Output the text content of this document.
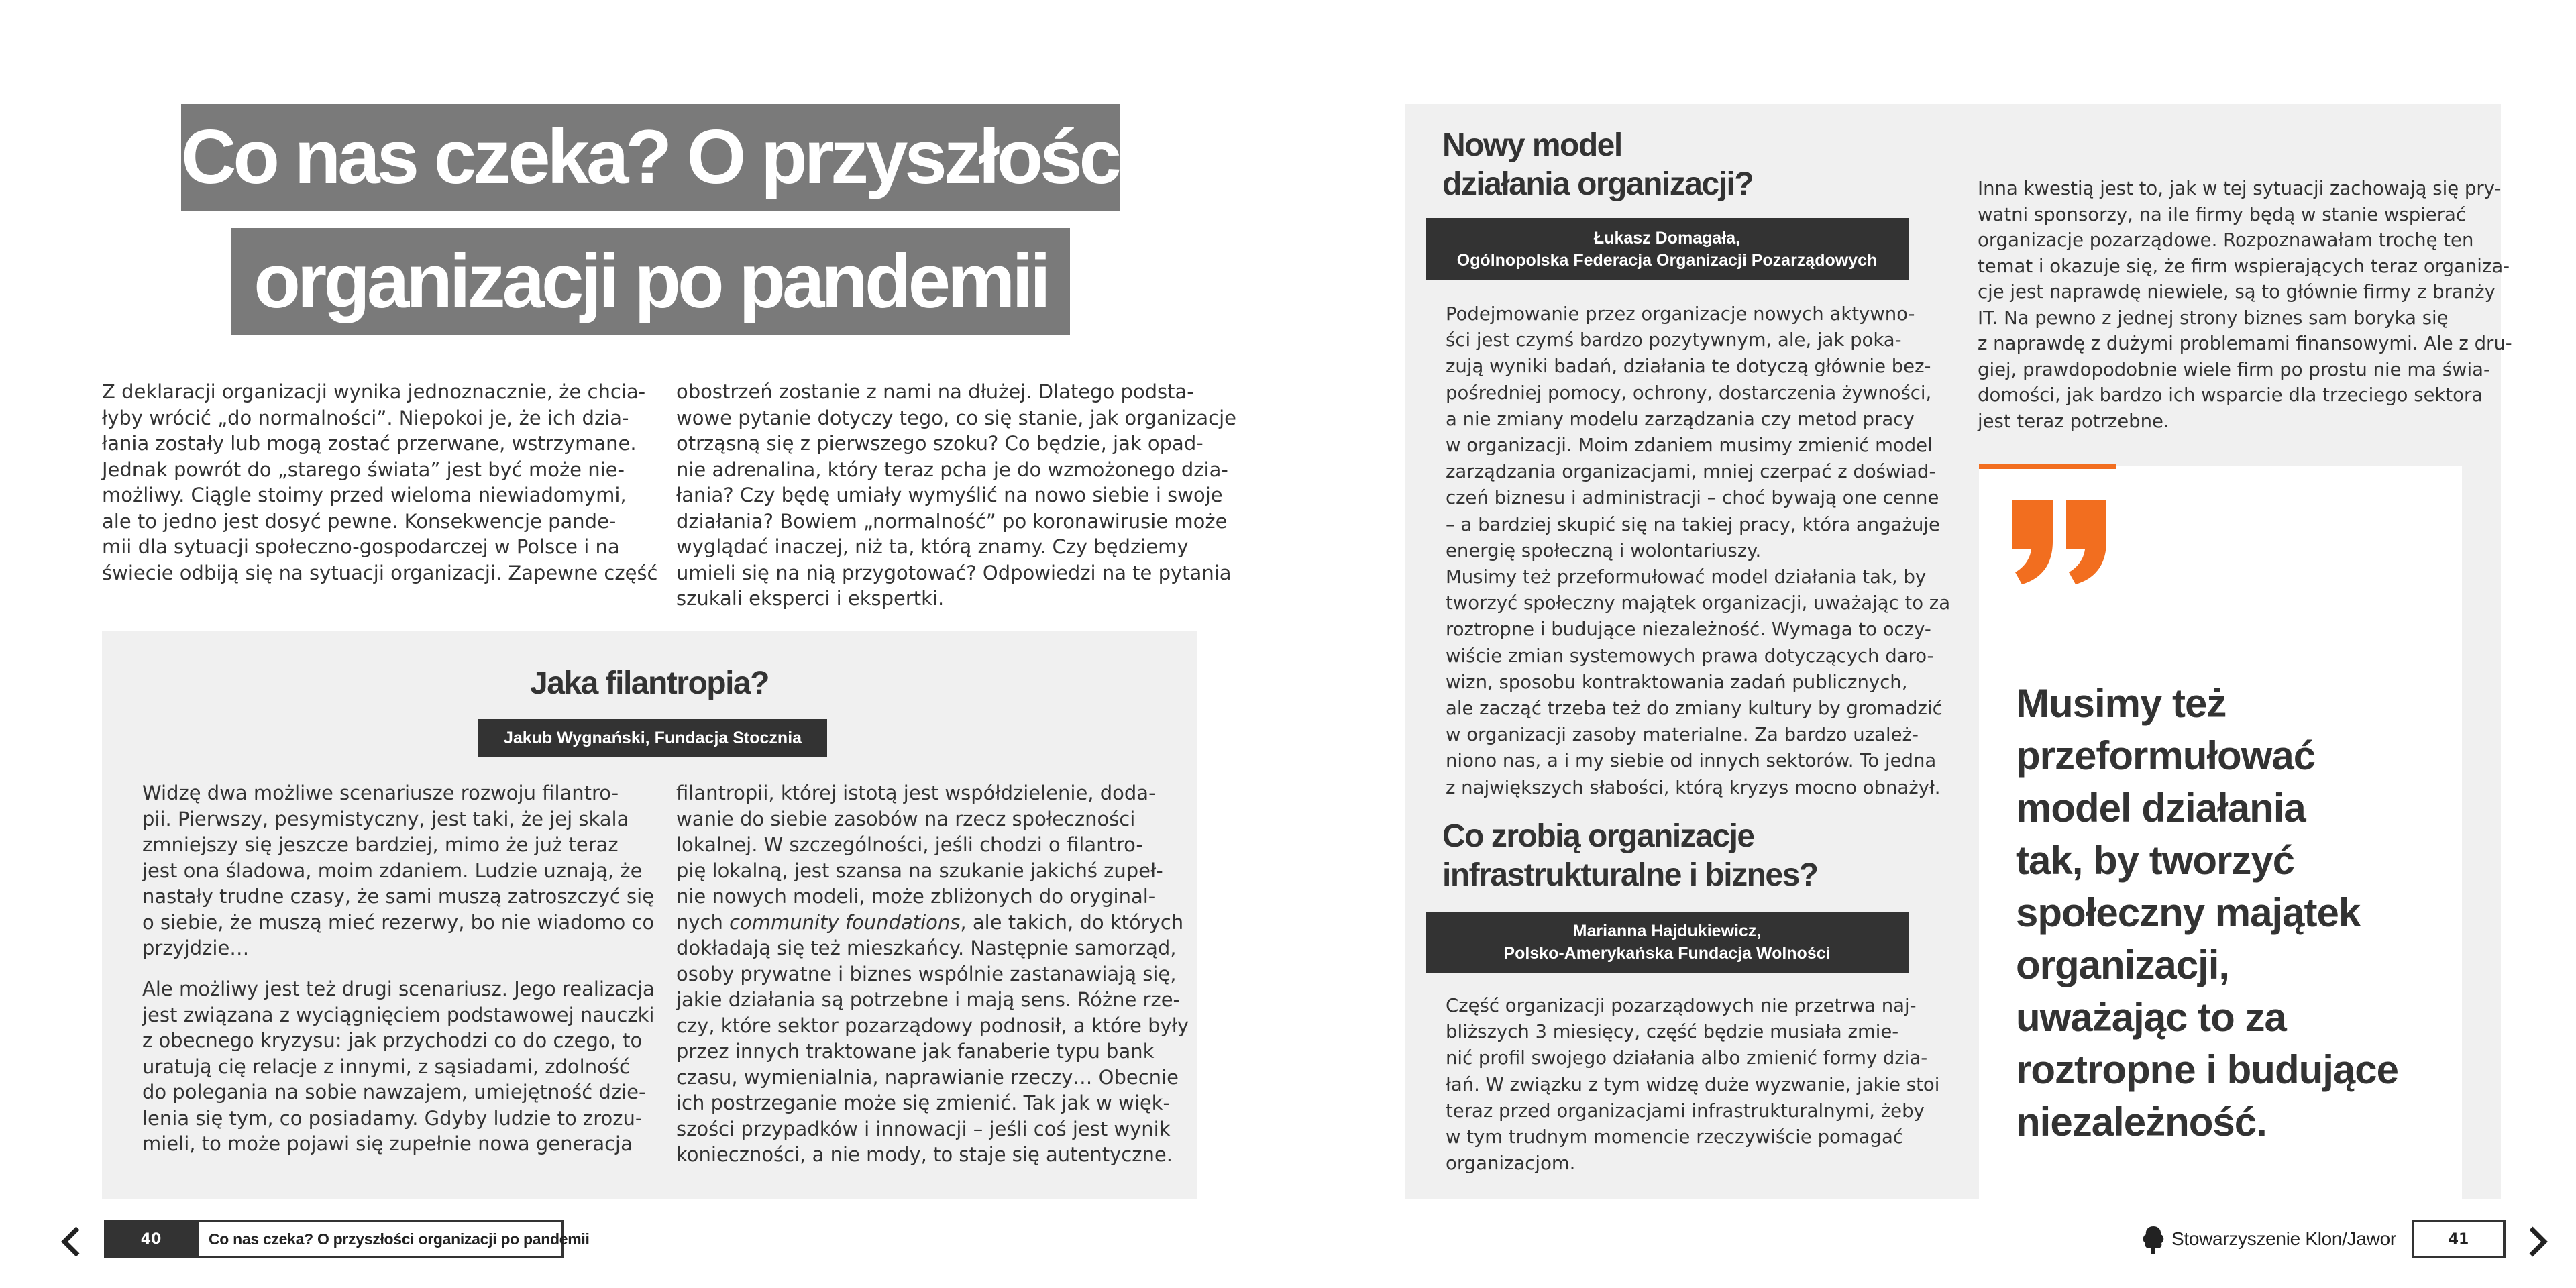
Co nas czeka? O przyszłości
organizacji po pandemii
Z deklaracji organizacji wynika jednoznacznie, że chcia-
łyby wrócić „do normalności”. Niepokoi je, że ich dzia-
łania zostały lub mogą zostać przerwane, wstrzymane.
Jednak powrót do „starego świata” jest być może nie-
możliwy. Ciągle stoimy przed wieloma niewiadomymi,
ale to jedno jest dosyć pewne. Konsekwencje pande-
mii dla sytuacji społeczno-gospodarczej w Polsce i na
świecie odbiją się na sytuacji organizacji. Zapewne część
obostrzeń zostanie z nami na dłużej. Dlatego podsta-
wowe pytanie dotyczy tego, co się stanie, jak organizacje
otrząsną się z pierwszego szoku? Co będzie, jak opad-
nie adrenalina, który teraz pcha je do wzmożonego dzia-
łania? Czy będę umiały wymyślić na nowo siebie i swoje
działania? Bowiem „normalność” po koronawirusie może
wyglądać inaczej, niż ta, którą znamy. Czy będziemy
umieli się na nią przygotować? Odpowiedzi na te pytania
szukali eksperci i ekspertki.
Jaka filantropia?
Jakub Wygnański, Fundacja Stocznia
Widzę dwa możliwe scenariusze rozwoju filantro-
pii. Pierwszy, pesymistyczny, jest taki, że jej skala
zmniejszy się jeszcze bardziej, mimo że już teraz
jest ona śladowa, moim zdaniem. Ludzie uznają, że
nastały trudne czasy, że sami muszą zatroszczyć się
o siebie, że muszą mieć rezerwy, bo nie wiadomo co
przyjdzie…
Ale możliwy jest też drugi scenariusz. Jego realizacja
jest związana z wyciągnięciem podstawowej nauczki
z obecnego kryzysu: jak przychodzi co do czego, to
uratują cię relacje z innymi, z sąsiadami, zdolność
do polegania na sobie nawzajem, umiejętność dzie-
lenia się tym, co posiadamy. Gdyby ludzie to zrozu-
mieli, to może pojawi się zupełnie nowa generacja
filantropii, której istotą jest współdzielenie, doda-
wanie do siebie zasobów na rzecz społeczności
lokalnej. W szczególności, jeśli chodzi o filantro-
pię lokalną, jest szansa na szukanie jakichś zupeł-
nie nowych modeli, może zbliżonych do oryginal-
nych community foundations, ale takich, do których
dokładają się też mieszkańcy. Następnie samorząd,
osoby prywatne i biznes wspólnie zastanawiają się,
jakie działania są potrzebne i mają sens. Różne rze-
czy, które sektor pozarządowy podnosił, a które były
przez innych traktowane jak fanaberie typu bank
czasu, wymienialnia, naprawianie rzeczy… Obecnie
ich postrzeganie może się zmienić. Tak jak w więk-
szości przypadków i innowacji – jeśli coś jest wynik
konieczności, a nie mody, to staje się autentyczne.
Nowy model
działania organizacji?
Łukasz Domagała,
Ogólnopolska Federacja Organizacji Pozarządowych
Podejmowanie przez organizacje nowych aktywno-
ści jest czymś bardzo pozytywnym, ale, jak poka-
zują wyniki badań, działania te dotyczą głównie bez-
pośredniej pomocy, ochrony, dostarczenia żywności,
a nie zmiany modelu zarządzania czy metod pracy
w organizacji. Moim zdaniem musimy zmienić model
zarządzania organizacjami, mniej czerpać z doświad-
czeń biznesu i administracji – choć bywają one cenne
– a bardziej skupić się na takiej pracy, która angażuje
energię społeczną i wolontariuszy.
Musimy też przeformułować model działania tak, by
tworzyć społeczny majątek organizacji, uważając to za
roztropne i budujące niezależność. Wymaga to oczy-
wiście zmian systemowych prawa dotyczących daro-
wizn, sposobu kontraktowania zadań publicznych,
ale zacząć trzeba też do zmiany kultury by gromadzić
w organizacji zasoby materialne. Za bardzo uzależ-
niono nas, a i my siebie od innych sektorów. To jedna
z największych słabości, którą kryzys mocno obnażył.
Co zrobią organizacje
infrastrukturalne i biznes?
Marianna Hajdukiewicz,
Polsko-Amerykańska Fundacja Wolności
Część organizacji pozarządowych nie przetrwa naj-
bliższych 3 miesięcy, część będzie musiała zmie-
nić profil swojego działania albo zmienić formy dzia-
łań. W związku z tym widzę duże wyzwanie, jakie stoi
teraz przed organizacjami infrastrukturalnymi, żeby
w tym trudnym momencie rzeczywiście pomagać
organizacjom.
Inna kwestią jest to, jak w tej sytuacji zachowają się pry-
watni sponsorzy, na ile firmy będą w stanie wspierać
organizacje pozarządowe. Rozpoznawałam trochę ten
temat i okazuje się, że firm wspierających teraz organiza-
cje jest naprawdę niewiele, są to głównie firmy z branży
IT. Na pewno z jednej strony biznes sam boryka się
z naprawdę z dużymi problemami finansowymi. Ale z dru-
giej, prawdopodobnie wiele firm po prostu nie ma świa-
domości, jak bardzo ich wsparcie dla trzeciego sektora
jest teraz potrzebne.
Musimy też
przeformułować
model działania
tak, by tworzyć
społeczny majątek
organizacji,
uważając to za
roztropne i budujące
niezależność.
40	Co nas czeka? O przyszłości organizacji po pandemii	Stowarzyszenie Klon/Jawor	41
